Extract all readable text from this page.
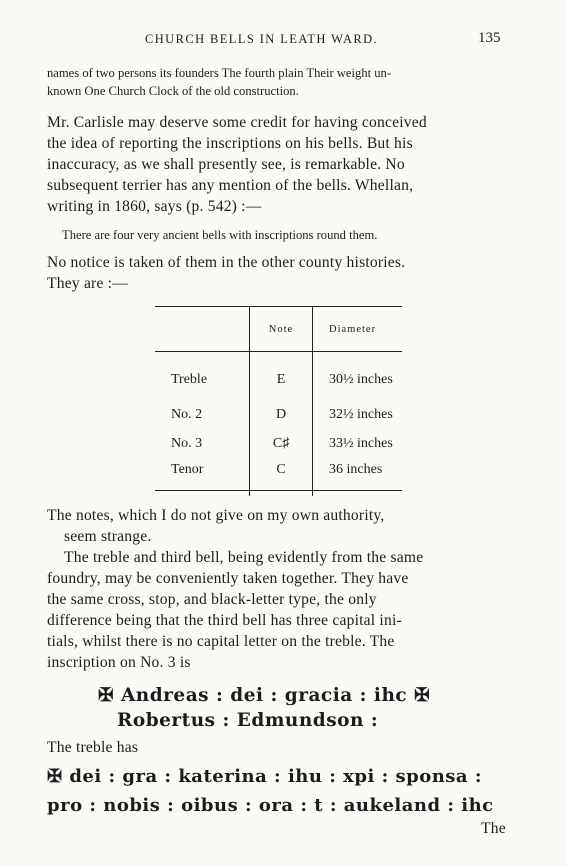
CHURCH BELLS IN LEATH WARD.	135
names of two persons its founders The fourth plain Their weight un-
known One Church Clock of the old construction.
Mr. Carlisle may deserve some credit for having conceived
the idea of reporting the inscriptions on his bells. But his
inaccuracy, as we shall presently see, is remarkable. No
subsequent terrier has any mention of the bells. Whellan,
writing in 1860, says (p. 542) :—
There are four very ancient bells with inscriptions round them.
No notice is taken of them in the other county histories.
They are :—
	Note	Diameter
Treble	E	30½ inches
No. 2	D	32½ inches
No. 3	C♯	33½ inches
Tenor	C	36 inches
The notes, which I do not give on my own authority,
seem strange.
The treble and third bell, being evidently from the same
foundry, may be conveniently taken together. They have
the same cross, stop, and black-letter type, the only
difference being that the third bell has three capital ini-
tials, whilst there is no capital letter on the treble. The
inscription on No. 3 is
✠ Andreas : dei : gracia : ihc ✠
Robertus : Edmundson :
The treble has
✠ dei : gra : katerina : ihu : xpi : sponsa :
pro : nobis : oibus : ora : t : aukeland : ihc
The
